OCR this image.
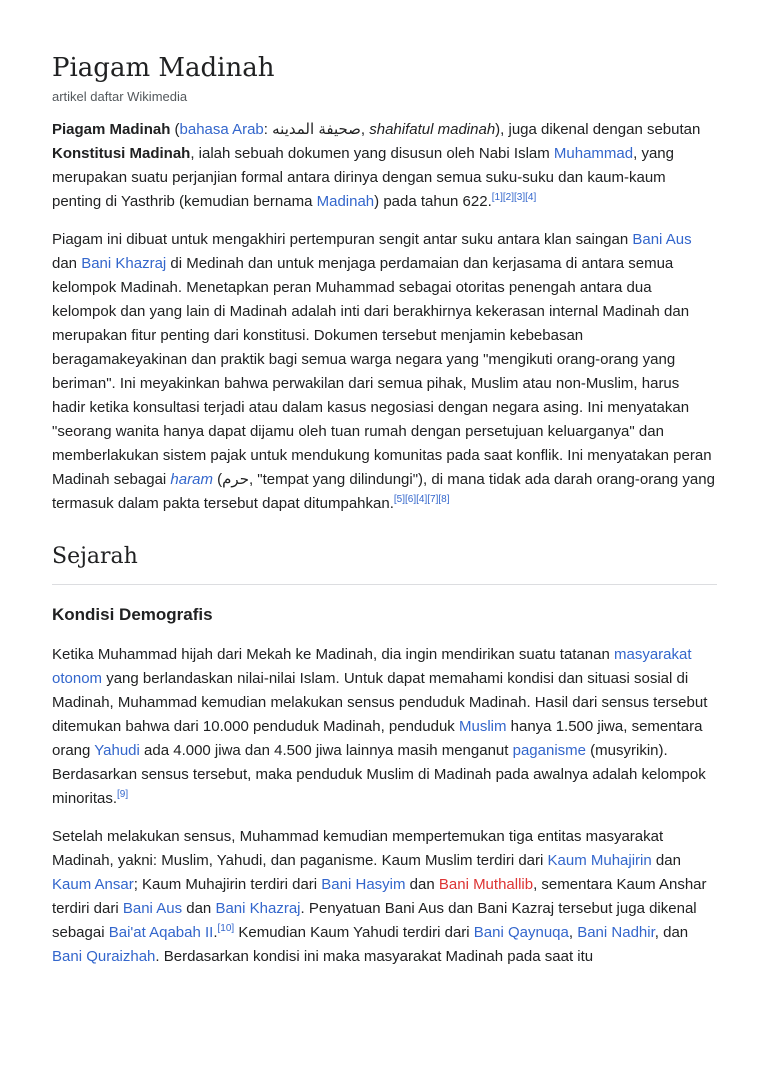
Piagam Madinah
artikel daftar Wikimedia

Piagam Madinah (bahasa Arab: صحيفة المدينه, shahifatul madinah), juga dikenal dengan sebutan Konstitusi Madinah, ialah sebuah dokumen yang disusun oleh Nabi Islam Muhammad, yang merupakan suatu perjanjian formal antara dirinya dengan semua suku-suku dan kaum-kaum penting di Yasthrib (kemudian bernama Madinah) pada tahun 622.[1][2][3][4]

Piagam ini dibuat untuk mengakhiri pertempuran sengit antar suku antara klan saingan Bani Aus dan Bani Khazraj di Medinah dan untuk menjaga perdamaian dan kerjasama di antara semua kelompok Madinah. Menetapkan peran Muhammad sebagai otoritas penengah antara dua kelompok dan yang lain di Madinah adalah inti dari berakhirnya kekerasan internal Madinah dan merupakan fitur penting dari konstitusi. Dokumen tersebut menjamin kebebasan beragamakeyakinan dan praktik bagi semua warga negara yang "mengikuti orang-orang yang beriman". Ini meyakinkan bahwa perwakilan dari semua pihak, Muslim atau non-Muslim, harus hadir ketika konsultasi terjadi atau dalam kasus negosiasi dengan negara asing. Ini menyatakan "seorang wanita hanya dapat dijamu oleh tuan rumah dengan persetujuan keluarganya" dan memberlakukan sistem pajak untuk mendukung komunitas pada saat konflik. Ini menyatakan peran Madinah sebagai haram (حرم, "tempat yang dilindungi"), di mana tidak ada darah orang-orang yang termasuk dalam pakta tersebut dapat ditumpahkan.[5][6][4][7][8]

Sejarah
Kondisi Demografis

Ketika Muhammad hijah dari Mekah ke Madinah, dia ingin mendirikan suatu tatanan masyarakat otonom yang berlandaskan nilai-nilai Islam. Untuk dapat memahami kondisi dan situasi sosial di Madinah, Muhammad kemudian melakukan sensus penduduk Madinah. Hasil dari sensus tersebut ditemukan bahwa dari 10.000 penduduk Madinah, penduduk Muslim hanya 1.500 jiwa, sementara orang Yahudi ada 4.000 jiwa dan 4.500 jiwa lainnya masih menganut paganisme (musyrikin). Berdasarkan sensus tersebut, maka penduduk Muslim di Madinah pada awalnya adalah kelompok minoritas.[9]

Setelah melakukan sensus, Muhammad kemudian mempertemukan tiga entitas masyarakat Madinah, yakni: Muslim, Yahudi, dan paganisme. Kaum Muslim terdiri dari Kaum Muhajirin dan Kaum Ansar; Kaum Muhajirin terdiri dari Bani Hasyim dan Bani Muthallib, sementara Kaum Anshar terdiri dari Bani Aus dan Bani Khazraj. Penyatuan Bani Aus dan Bani Kazraj tersebut juga dikenal sebagai Bai'at Aqabah II.[10] Kemudian Kaum Yahudi terdiri dari Bani Qaynuqa, Bani Nadhir, dan Bani Quraizhah. Berdasarkan kondisi ini maka masyarakat Madinah pada saat itu
